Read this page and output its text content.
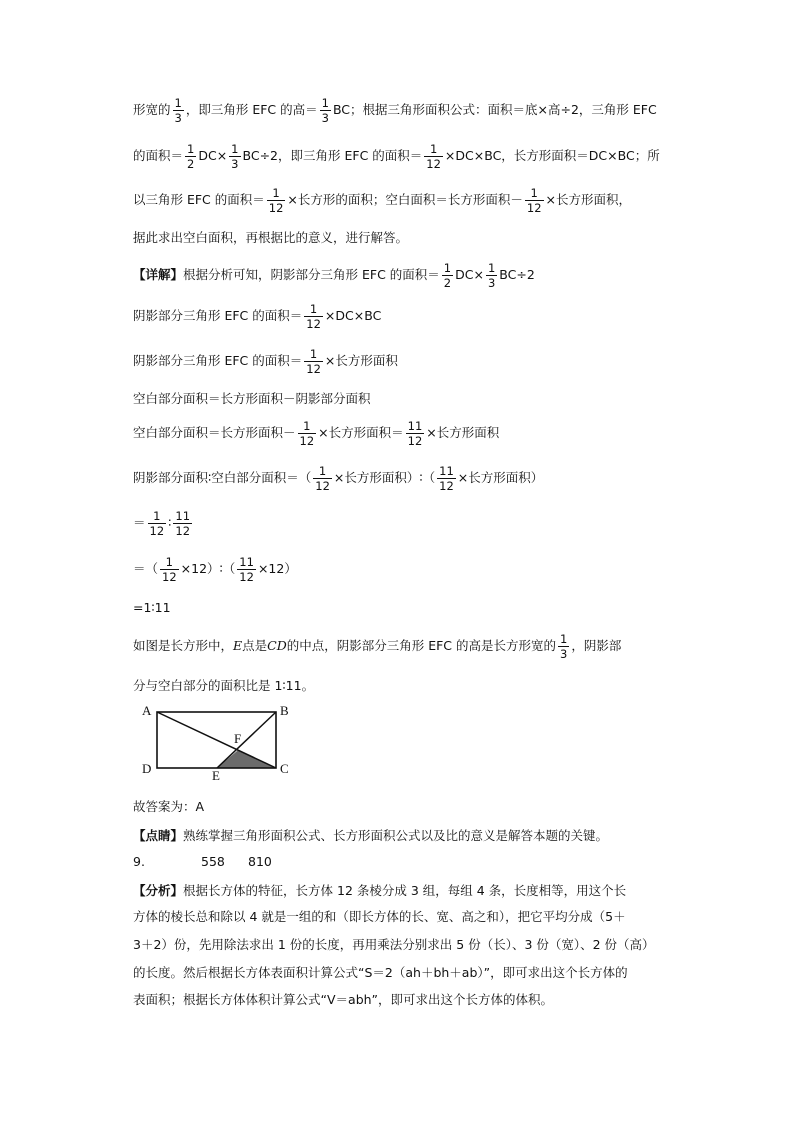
形宽的 $\frac{1}{3}$ ，即三角形 EFC 的高＝ $\frac{1}{3}$ BC；根据三角形面积公式：面积＝底×高÷2，三角形 EFC
的面积＝ $\frac{1}{2} DC\times \frac{1}{3} BC\div 2$，即三角形 EFC 的面积＝ $\frac{1}{12} \times DC\times BC$，长方形面积＝DC×BC；所
以三角形 EFC 的面积＝ $\frac{1}{12}$ ×长方形的面积；空白面积＝长方形面积－ $\frac{1}{12}$ ×长方形面积，
据此求出空白面积，再根据比的意义，进行解答。
【详解】 根据分析可知，阴影部分三角形 EFC 的面积＝ $\frac{1}{2} DC\times \frac{1}{3} BC\div 2$
阴影部分三角形 EFC 的面积＝ $\frac{1}{12} \times DC\times BC$
阴影部分三角形 EFC 的面积＝ $\frac{1}{12}$ ×长方形面积
空白部分面积＝长方形面积－阴影部分面积
空白部分面积＝长方形面积－ $\frac{1}{12}$ ×长方形面积＝ $\frac{11}{12}$ ×长方形面积
阴影部分面积∶空白部分面积＝（ $\frac{1}{12}$ ×长方形面积）∶（ $\frac{11}{12}$ ×长方形面积）
＝ $\frac{1}{12}$ ∶ $\frac{11}{12}$
＝（ $\frac{1}{12}$ ×12）∶（ $\frac{11}{12} \times 12$）
=1∶11
如图是长方形中， E 点是 CD 的中点，阴影部分三角形 EFC 的高是长方形宽的 $\frac{1}{3}$ ，阴影部
分与空白部分的面积比是 1∶11。
A	B
C
D	E
F
故答案为：A
【点睛】 熟练掌握三角形面积公式、长方形面积公式以及比的意义是解答本题的关键。
9.	558	810
【分析】 根据长方体的特征，长方体 12 条棱分成 3 组，每组 4 条，长度相等，用这个长
方体的棱长总和除以 4 就是一组的和（即长方体的长、宽、高之和），把它平均分成（5＋
3＋2）份，先用除法求出 1 份的长度，再用乘法分别求出 5 份（长）、3 份（宽）、2 份（高）
的长度。然后根据长方体表面积计算公式“S＝2（ah＋bh＋ab）”，即可求出这个长方体的
表面积；根据长方体体积计算公式“V＝abh”，即可求出这个长方体的体积。
